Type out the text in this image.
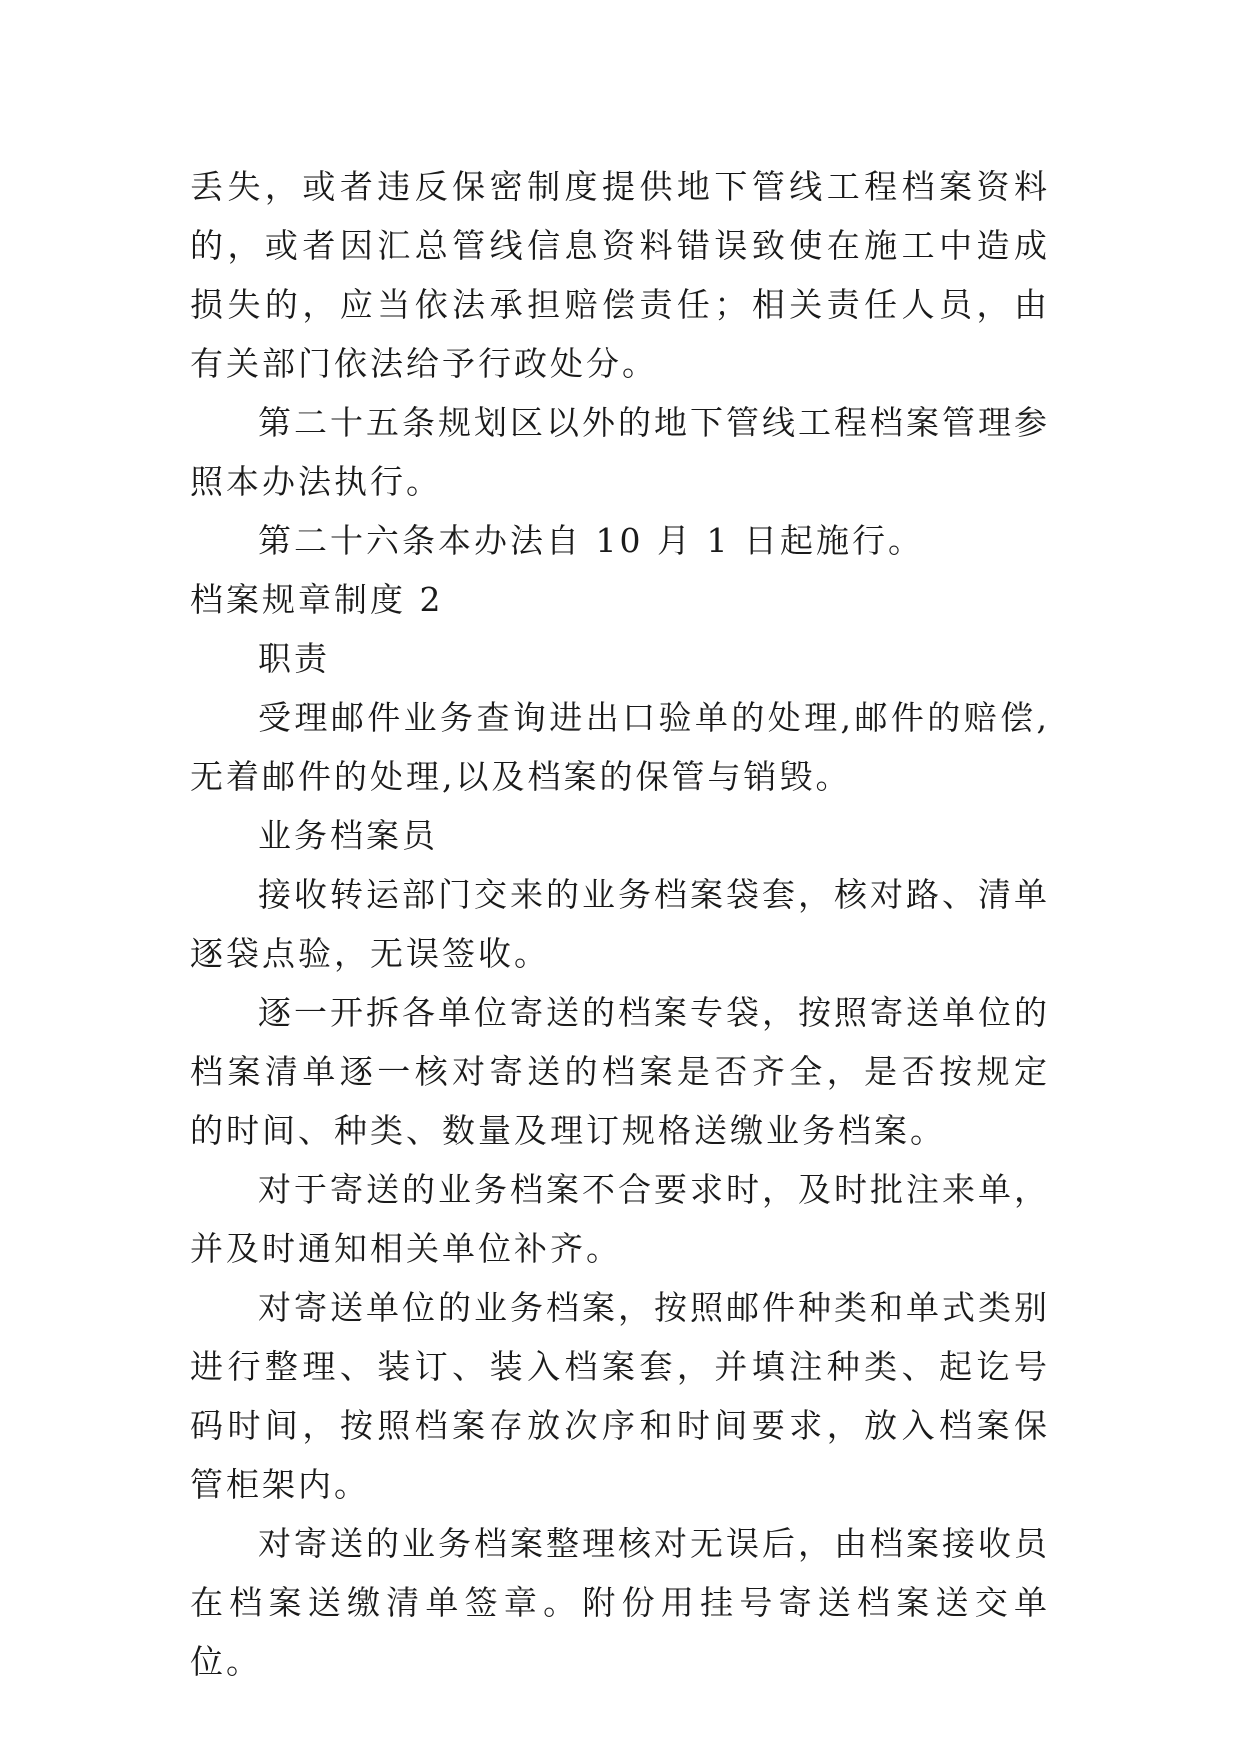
丢失，或者违反保密制度提供地下管线工程档案资料的，或者因汇总管线信息资料错误致使在施工中造成损失的，应当依法承担赔偿责任；相关责任人员，由有关部门依法给予行政处分。

第二十五条规划区以外的地下管线工程档案管理参照本办法执行。

第二十六条本办法自 10 月 1 日起施行。

档案规章制度 2

职责

受理邮件业务查询进出口验单的处理,邮件的赔偿,无着邮件的处理,以及档案的保管与销毁。

业务档案员

接收转运部门交来的业务档案袋套，核对路、清单逐袋点验，无误签收。

逐一开拆各单位寄送的档案专袋，按照寄送单位的档案清单逐一核对寄送的档案是否齐全，是否按规定的时间、种类、数量及理订规格送缴业务档案。

对于寄送的业务档案不合要求时，及时批注来单，并及时通知相关单位补齐。

对寄送单位的业务档案，按照邮件种类和单式类别进行整理、装订、装入档案套，并填注种类、起讫号码时间，按照档案存放次序和时间要求，放入档案保管柜架内。

对寄送的业务档案整理核对无误后，由档案接收员在档案送缴清单签章。附份用挂号寄送档案送交单位。
